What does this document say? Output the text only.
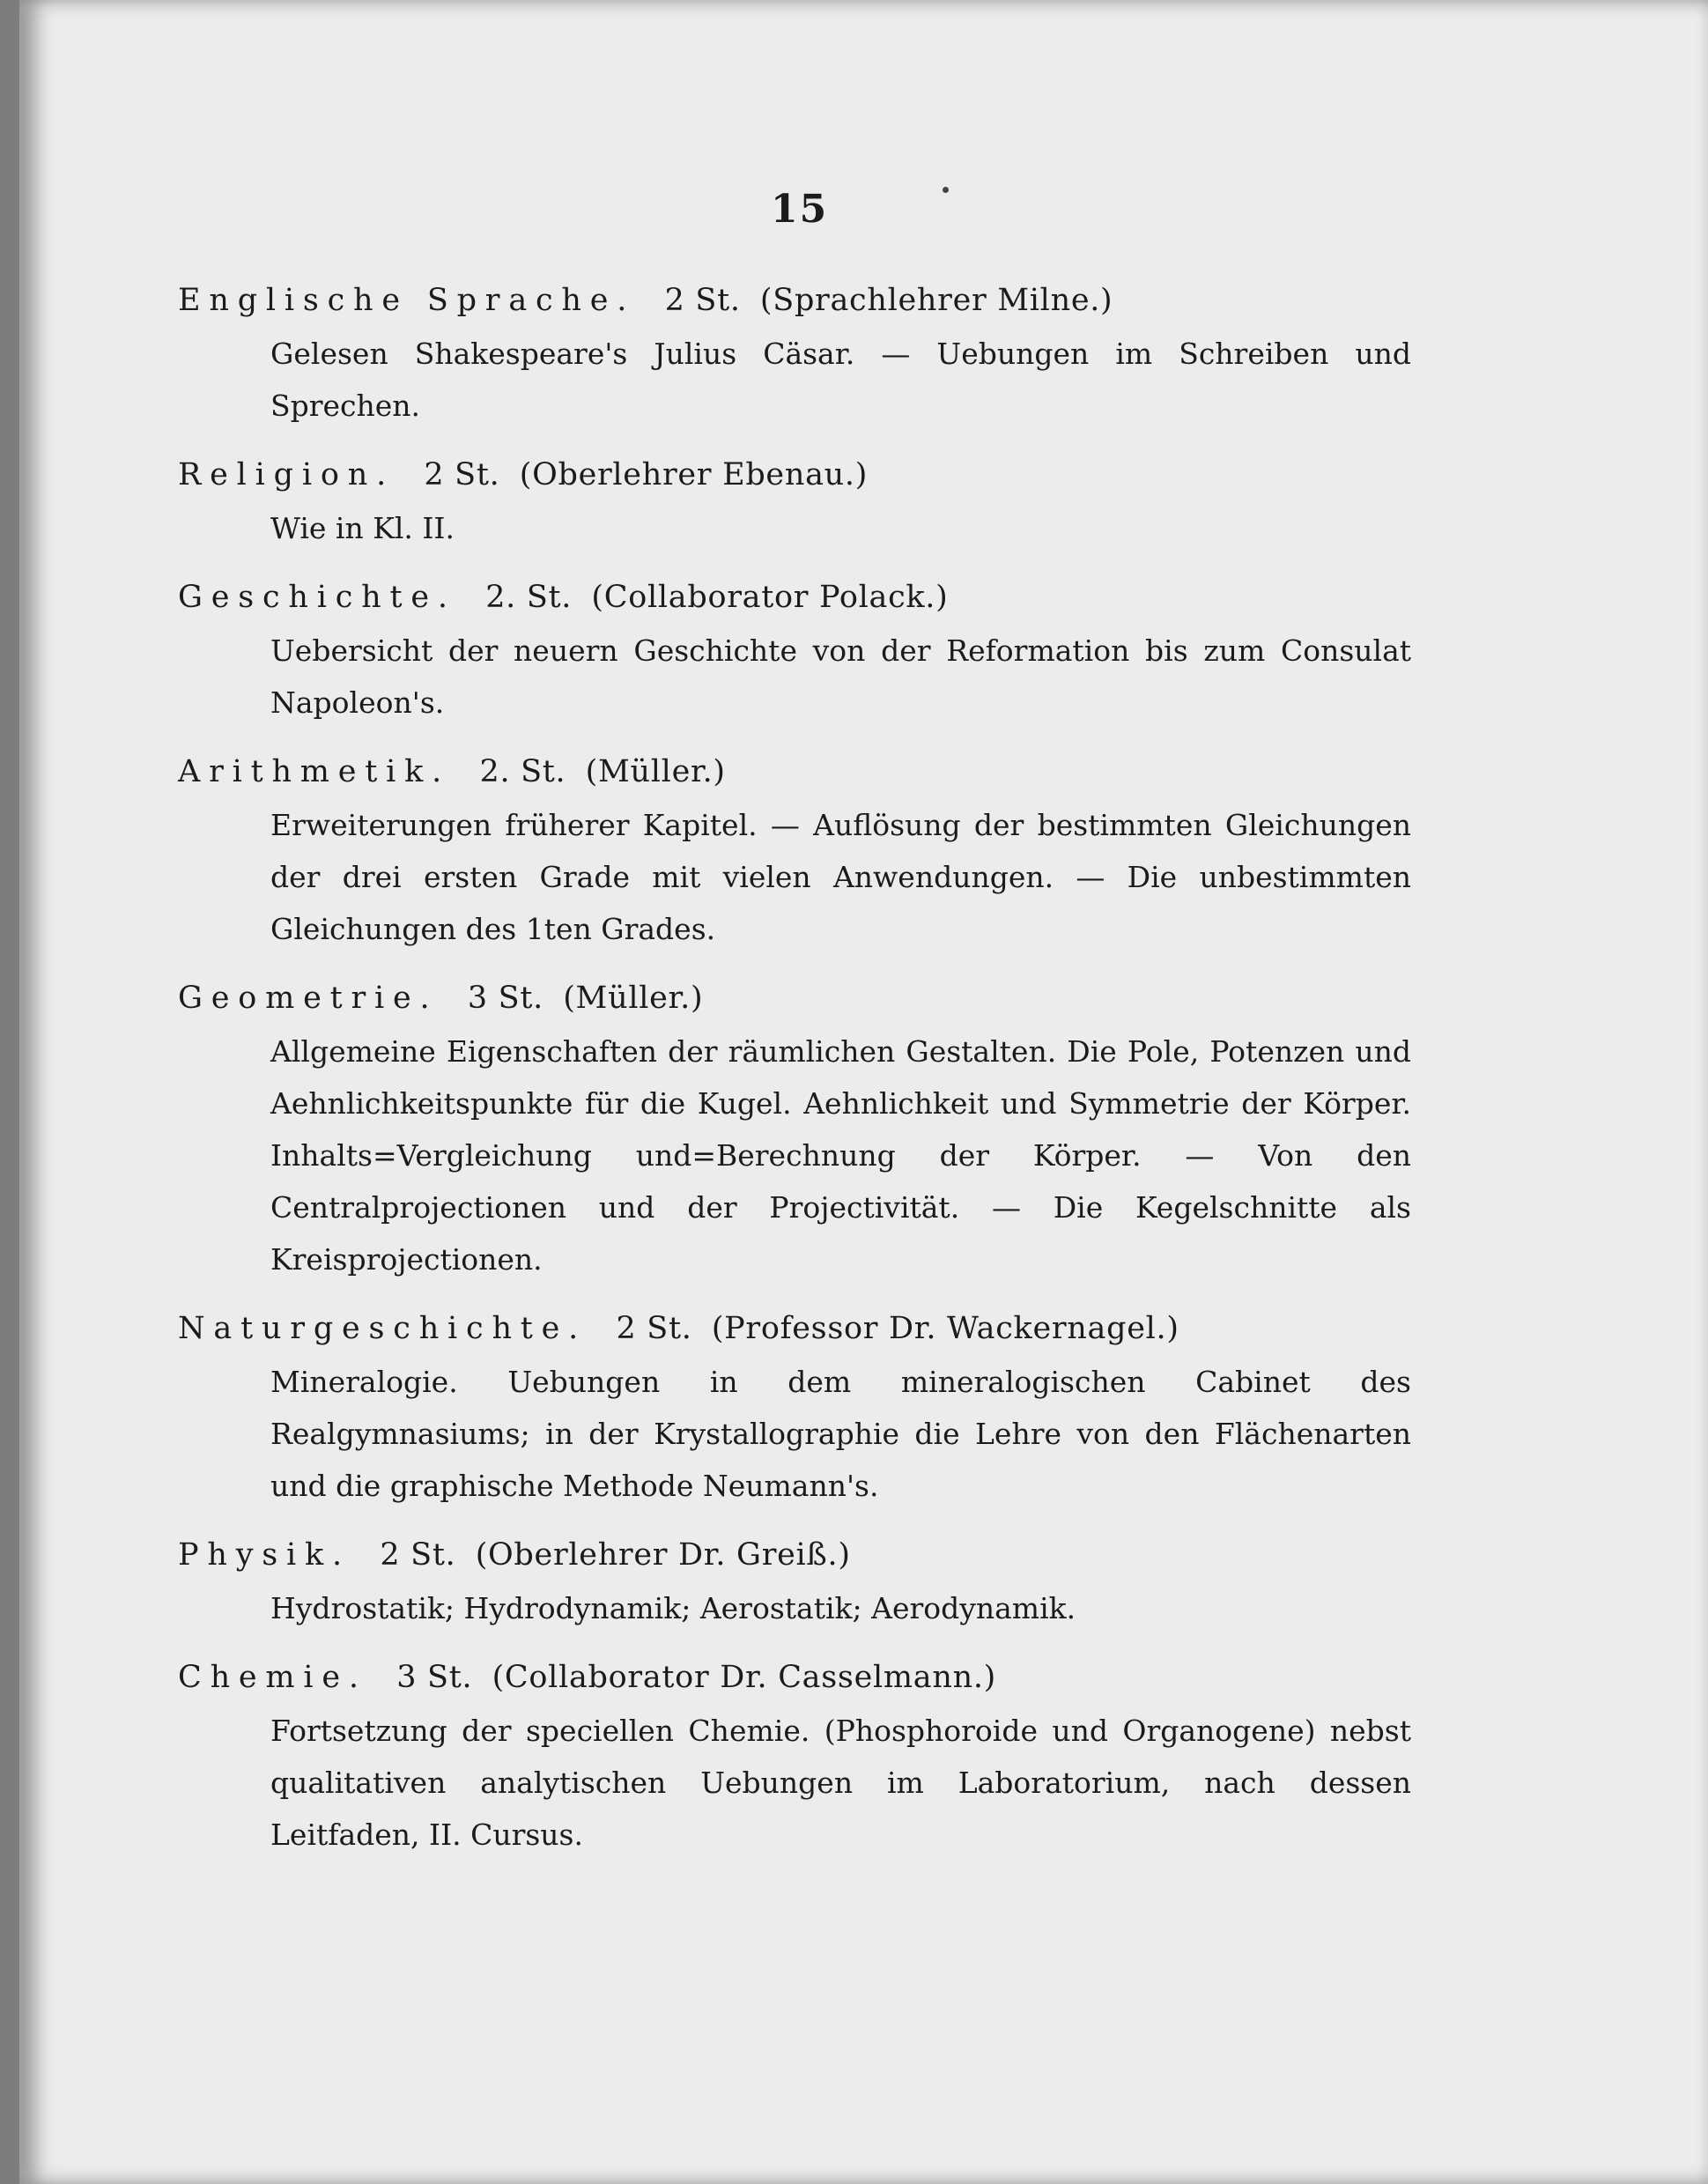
15
Englische Sprache. 2 St. (Sprachlehrer Milne.)

Gelesen Shakespeare's Julius Cäsar. — Uebungen im Schreiben und Sprechen.

Religion. 2 St. (Oberlehrer Ebenau.)

Wie in Kl. II.

Geschichte. 2. St. (Collaborator Polack.)

Uebersicht der neuern Geschichte von der Reformation bis zum Consulat Napoleon's.

Arithmetik. 2. St. (Müller.)

Erweiterungen früherer Kapitel. — Auflösung der bestimmten Gleichungen der drei ersten Grade mit vielen Anwendungen. — Die unbestimmten Gleichungen des 1ten Grades.

Geometrie. 3 St. (Müller.)

Allgemeine Eigenschaften der räumlichen Gestalten. Die Pole, Potenzen und Aehnlichkeitspunkte für die Kugel. Aehnlichkeit und Symmetrie der Körper. Inhalts=Vergleichung und=Berechnung der Körper. — Von den Centralprojectionen und der Projectivität. — Die Kegelschnitte als Kreisprojectionen.

Naturgeschichte. 2 St. (Professor Dr. Wackernagel.)

Mineralogie. Uebungen in dem mineralogischen Cabinet des Realgymnasiums; in der Krystallographie die Lehre von den Flächenarten und die graphische Methode Neumann's.

Physik. 2 St. (Oberlehrer Dr. Greiß.)

Hydrostatik; Hydrodynamik; Aerostatik; Aerodynamik.

Chemie. 3 St. (Collaborator Dr. Casselmann.)

Fortsetzung der speciellen Chemie. (Phosphoroide und Organogene) nebst qualitativen analytischen Uebungen im Laboratorium, nach dessen Leitfaden, II. Cursus.
